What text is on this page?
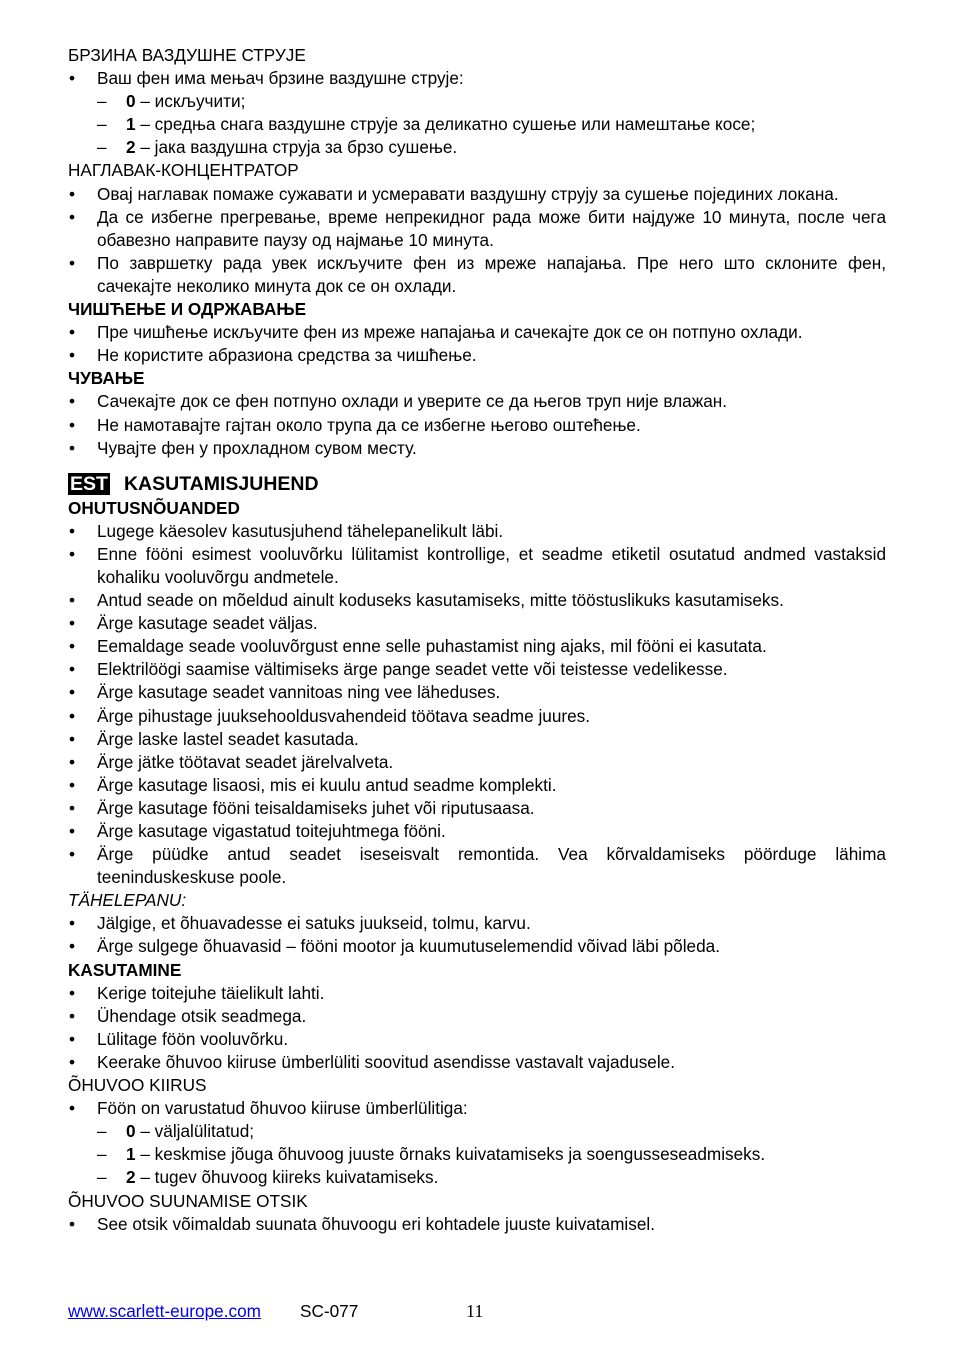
БРЗИНА ВАЗДУШНЕ СТРУЈЕ

• Ваш фен има мењач брзине ваздушне струје:
– 0 – искључити;
– 1 – средња снага ваздушне струје за деликатно сушење или намештање косе;
– 2 – јака ваздушна струја за брзо сушење.

НАГЛАВАК-КОНЦЕНТРАТОР

• Овај наглавак помаже сужавати и усмеравати ваздушну струју за сушење појединих локана.
• Да се избегне прегревање, време непрекидног рада може бити најдуже 10 минута, после чега обавезно направите паузу од најмање 10 минута.
• По завршетку рада увек искључите фен из мреже напајања. Пре него што склоните фен, сачекајте неколико минута док се он охлади.

ЧИШЋЕЊЕ И ОДРЖАВАЊЕ

• Пре чишћење искључите фен из мреже напајања и сачекајте док се он потпуно охлади.
• Не користите абразиона средства за чишћење.

ЧУВАЊЕ

• Сачекајте док се фен потпуно охлади и уверите се да његов труп није влажан.
• Не намотавајте гајтан около трупа да се избегне његово оштећење.
• Чувајте фен у прохладном сувом месту.
EST KASUTAMISJUHEND

OHUTUSNÕUANDED

• Lugege käesolev kasutusjuhend tähelepanelikult läbi.
• Enne fööni esimest vooluvõrku lülitamist kontrollige, et seadme etiketil osutatud andmed vastaksid kohaliku vooluvõrgu andmetele.
• Antud seade on mõeldud ainult koduseks kasutamiseks, mitte tööstuslikuks kasutamiseks.
• Ärge kasutage seadet väljas.
• Eemaldage seade vooluvõrgust enne selle puhastamist ning ajaks, mil fööni ei kasutata.
• Elektrilöögi saamise vältimiseks ärge pange seadet vette või teistesse vedelikesse.
• Ärge kasutage seadet vannitoas ning vee läheduses.
• Ärge pihustage juuksehooldusvahendeid töötava seadme juures.
• Ärge laske lastel seadet kasutada.
• Ärge jätke töötavat seadet järelvalveta.
• Ärge kasutage lisaosi, mis ei kuulu antud seadme komplekti.
• Ärge kasutage fööni teisaldamiseks juhet või riputusaasa.
• Ärge kasutage vigastatud toitejuhtmega fööni.
• Ärge püüdke antud seadet iseseisvalt remontida. Vea kõrvaldamiseks pöörduge lähima teeninduskeskuse poole.

TÄHELEPANU:

• Jälgige, et õhuavadesse ei satuks juukseid, tolmu, karvu.
• Ärge sulgege õhuavasid – fööni mootor ja kuumutuselemendid võivad läbi põleda.

KASUTAMINE

• Kerige toitejuhe täielikult lahti.
• Ühendage otsik seadmega.
• Lülitage föön vooluvõrku.
• Keerake õhuvoo kiiruse ümberlüliti soovitud asendisse vastavalt vajadusele.

ÕHUVOO KIIRUS

• Föön on varustatud õhuvoo kiiruse ümberlülitiga:
– 0 – väljalülitatud;
– 1 – keskmise jõuga õhuvoog juuste õrnaks kuivatamiseks ja soengusseseadmiseks.
– 2 – tugev õhuvoog kiireks kuivatamiseks.

ÕHUVOO SUUNAMISE OTSIK

• See otsik võimaldab suunata õhuvoogu eri kohtadele juuste kuivatamisel.
www.scarlett-europe.com SC-077	11
